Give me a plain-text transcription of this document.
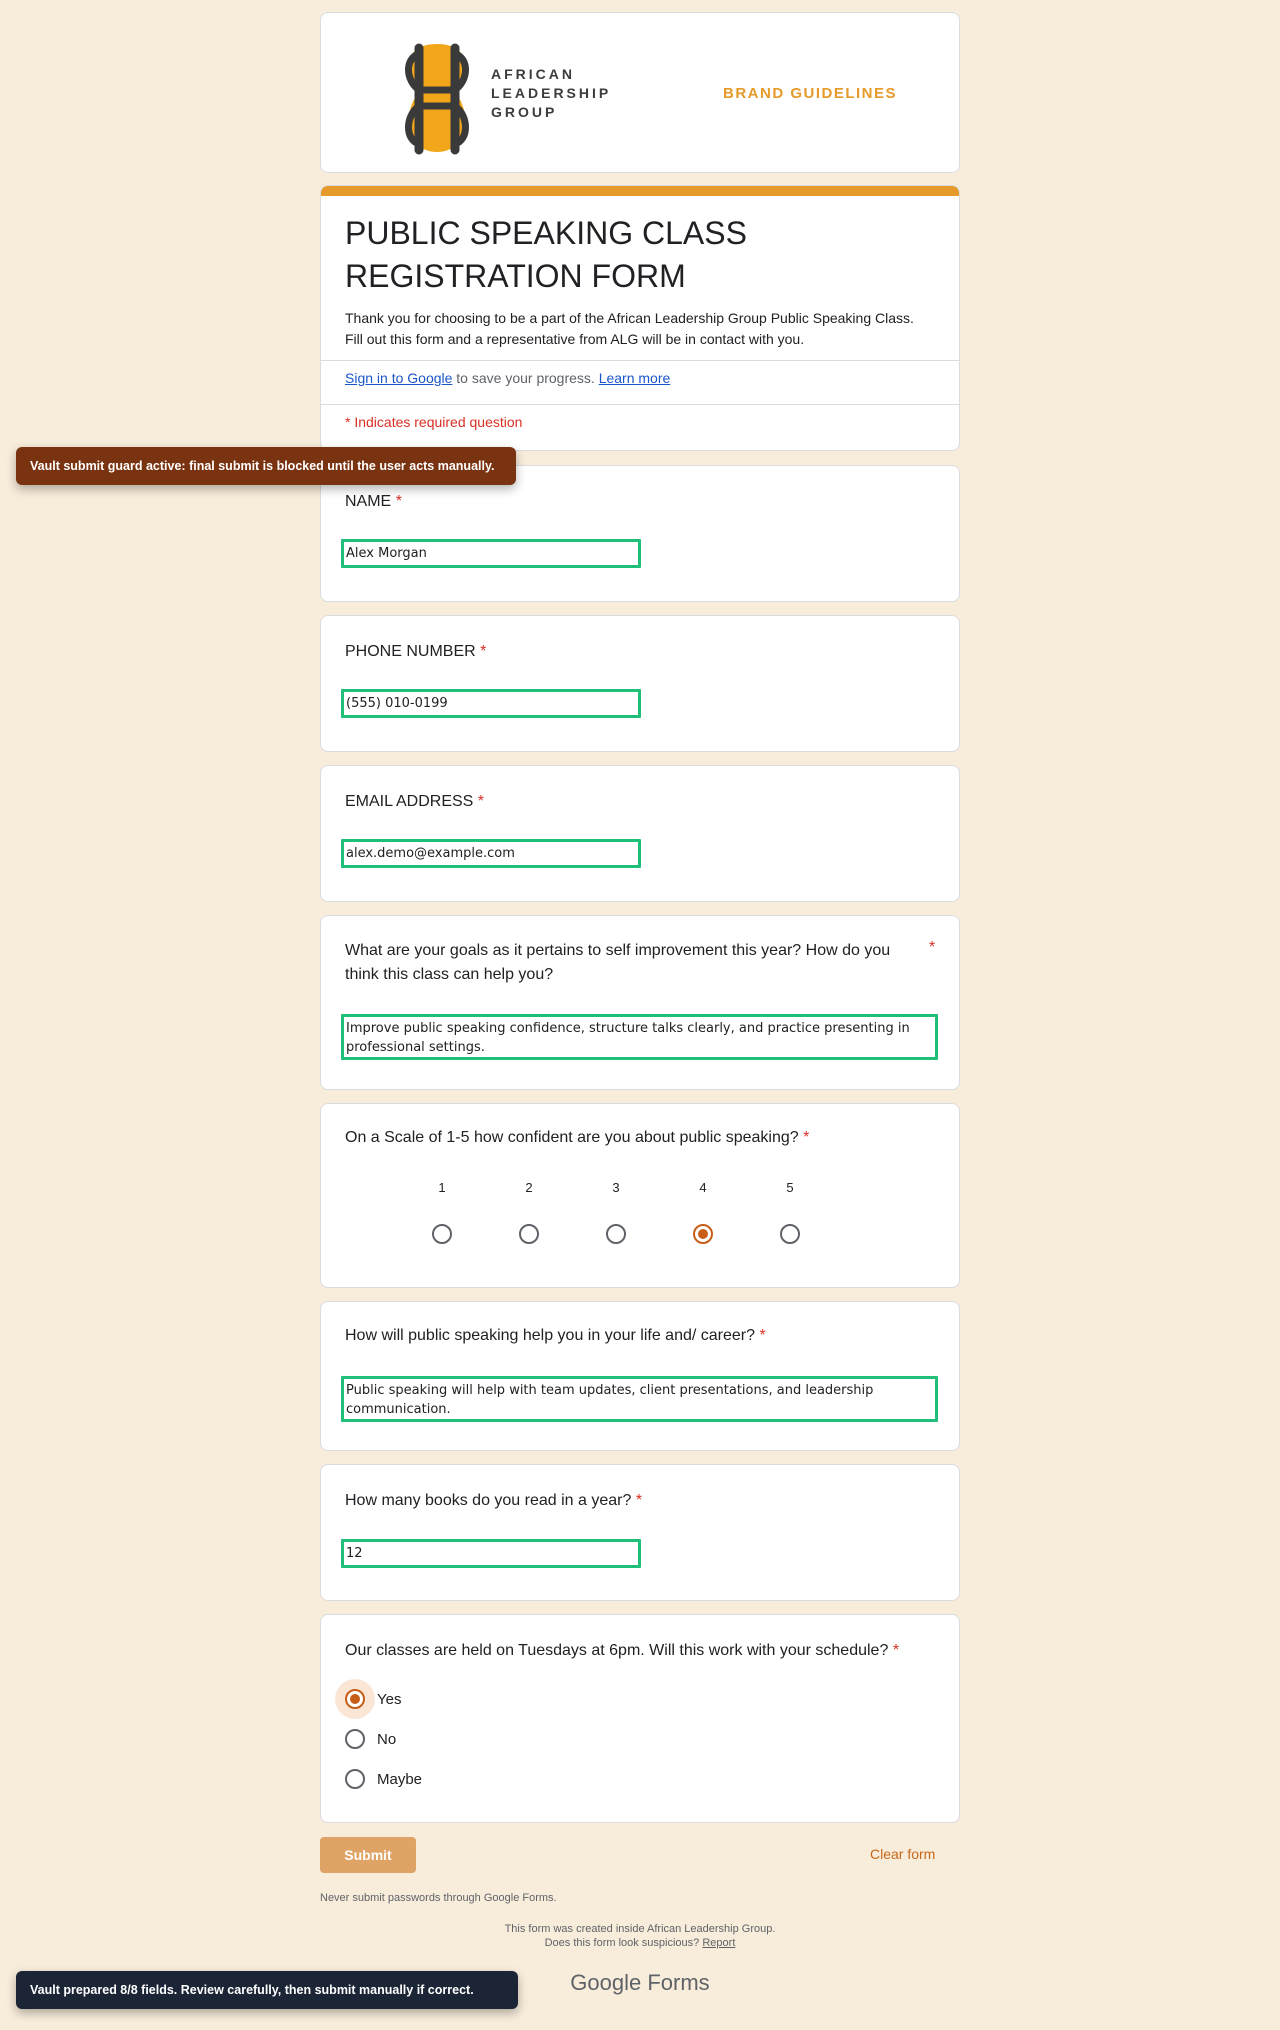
AFRICAN
LEADERSHIP
GROUP
BRAND GUIDELINES
PUBLIC SPEAKING CLASS REGISTRATION FORM
Thank you for choosing to be a part of the African Leadership Group Public Speaking Class. Fill out this form and a representative from ALG will be in contact with you.
Sign in to Google to save your progress. Learn more
* Indicates required question
NAME *
Alex Morgan
PHONE NUMBER *
(555) 010-0199
EMAIL ADDRESS *
alex.demo@example.com
What are your goals as it pertains to self improvement this year? How do you think this class can help you?
*
Improve public speaking confidence, structure talks clearly, and practice presenting in professional settings.
On a Scale of 1-5 how confident are you about public speaking? *
1	2	3	4	5
How will public speaking help you in your life and/ career? *
Public speaking will help with team updates, client presentations, and leadership communication.
How many books do you read in a year? *
12
Our classes are held on Tuesdays at 6pm. Will this work with your schedule? *
Yes
No
Maybe
Submit	Clear form
Never submit passwords through Google Forms.
This form was created inside African Leadership Group.
Does this form look suspicious? Report
Google Forms
Vault submit guard active: final submit is blocked until the user acts manually.
Vault prepared 8/8 fields. Review carefully, then submit manually if correct.
